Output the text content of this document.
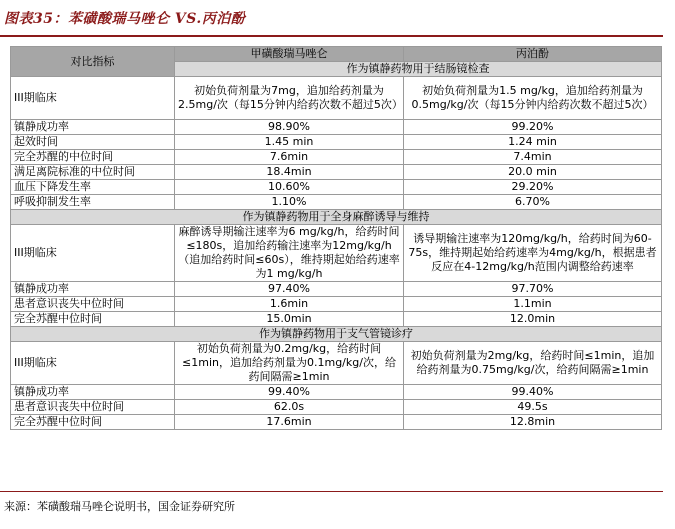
图表35：苯磺酸瑞马唑仑 VS.丙泊酚
对比指标	甲磺酸瑞马唑仑	丙泊酚
	作为镇静药物用于结肠镜检查	
III期临床	初始负荷剂量为7mg，追加给药剂量为2.5mg/次（每15分钟内给药次数不超过5次）	初始负荷剂量为1.5 mg/kg，追加给药剂量为0.5mg/kg/次（每15分钟内给药次数不超过5次）
镇静成功率	98.90%	99.20%
起效时间	1.45 min	1.24 min
完全苏醒的中位时间	7.6min	7.4min
满足离院标准的中位时间	18.4min	20.0 min
血压下降发生率	10.60%	29.20%
呼吸抑制发生率	1.10%	6.70%
作为镇静药物用于全身麻醉诱导与维持		
III期临床	麻醉诱导期输注速率为6 mg/kg/h，给药时间≤180s，追加给药输注速率为12mg/kg/h（追加给药时间≤60s），维持期起始给药速率为1 mg/kg/h	诱导期输注速率为120mg/kg/h，给药时间为60-75s，维持期起始给药速率为4mg/kg/h，根据患者反应在4-12mg/kg/h范围内调整给药速率
镇静成功率	97.40%	97.70%
患者意识丧失中位时间	1.6min	1.1min
完全苏醒中位时间	15.0min	12.0min
作为镇静药物用于支气管镜诊疗		
III期临床	初始负荷剂量为0.2mg/kg，给药时间≤1min，追加给药剂量为0.1mg/kg/次，给药间隔需≥1min	初始负荷剂量为2mg/kg，给药时间≤1min，追加给药剂量为0.75mg/kg/次，给药间隔需≥1min
镇静成功率	99.40%	99.40%
患者意识丧失中位时间	62.0s	49.5s
完全苏醒中位时间	17.6min	12.8min
来源：苯磺酸瑞马唑仑说明书，国金证券研究所
